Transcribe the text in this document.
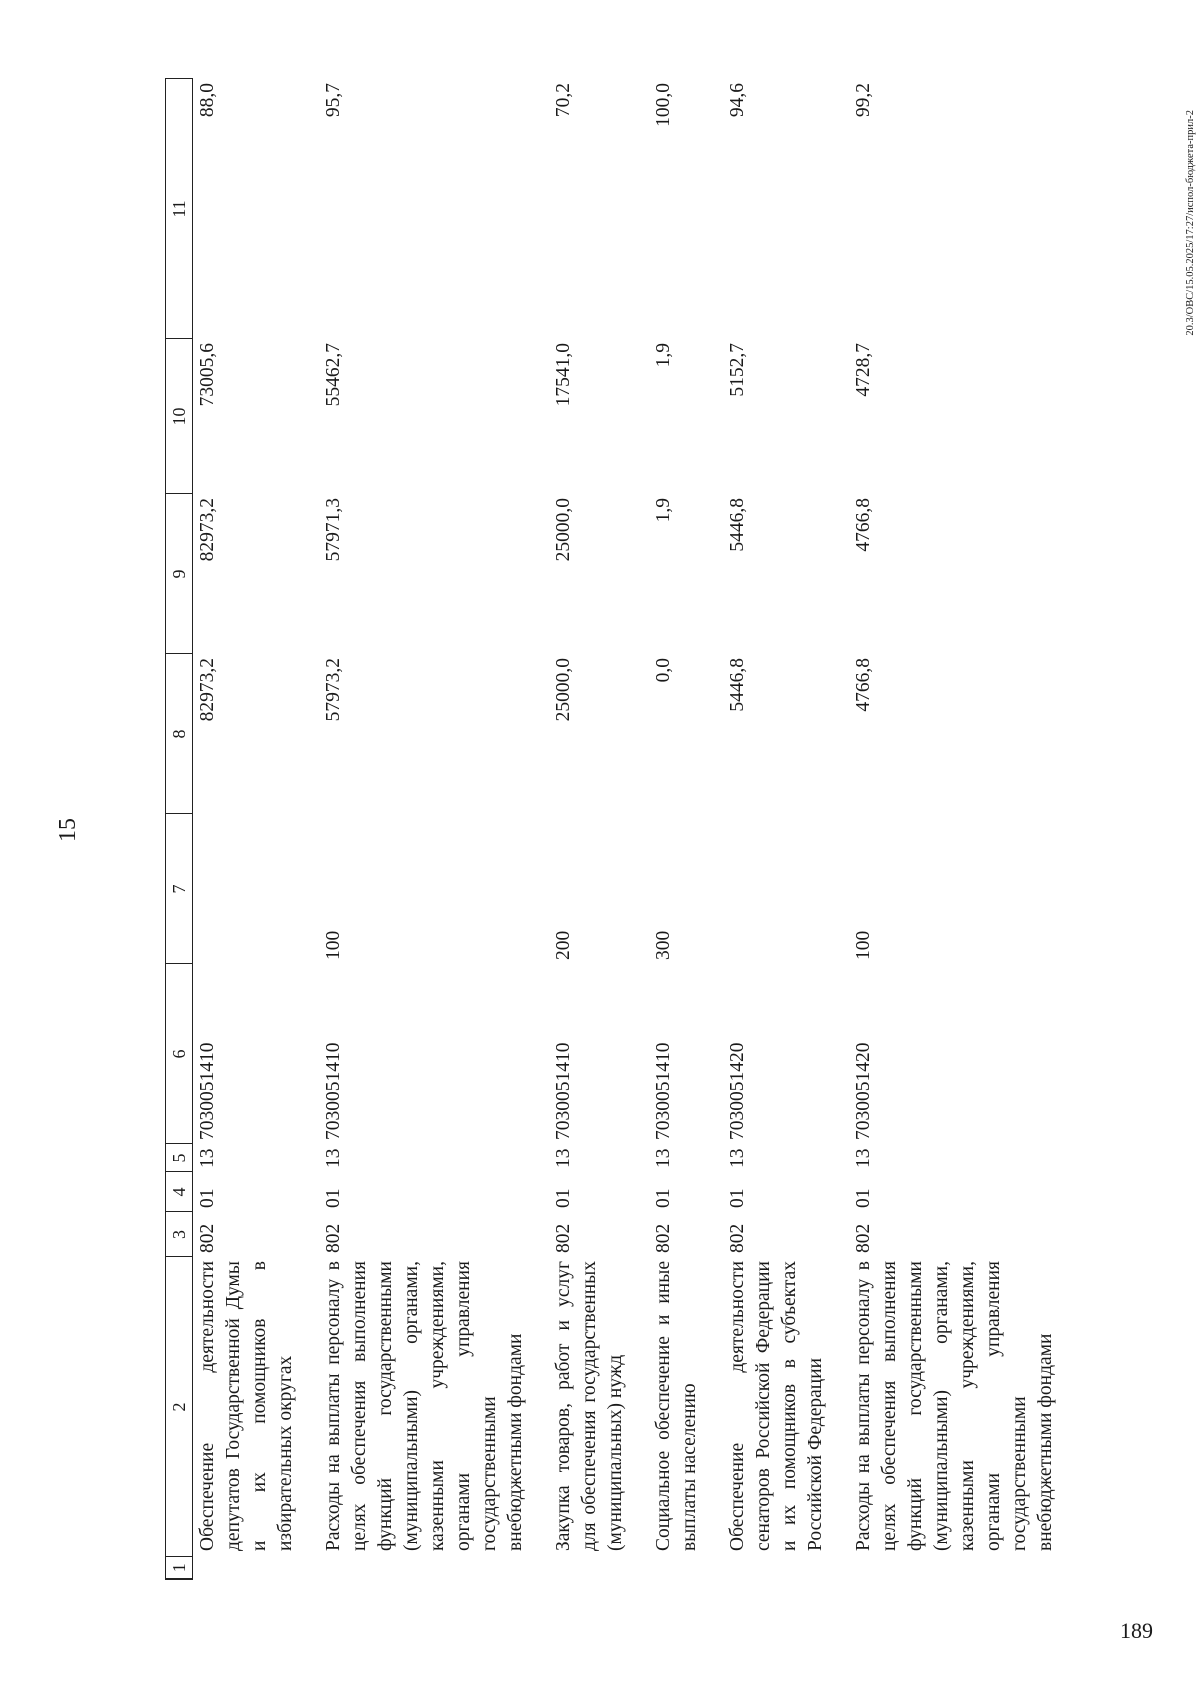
15
1	2	3	4	5	6	7	8	9	10	11
	Обеспечение деятельности депутатов Государственной Думы и их помощников в избирательных округах	802	01	13	7030051410		82973,2	82973,2	73005,6	88,0
	Расходы на выплаты персоналу в целях обеспечения выполнения функций государственными (муниципальными) органами, казенными учреждениями, органами управления государственными внебюджетными фондами	802	01	13	7030051410	100	57973,2	57971,3	55462,7	95,7
	Закупка товаров, работ и услуг для обеспечения государственных (муниципальных) нужд	802	01	13	7030051410	200	25000,0	25000,0	17541,0	70,2
	Социальное обеспечение и иные выплаты населению	802	01	13	7030051410	300	0,0	1,9	1,9	100,0
	Обеспечение деятельности сенаторов Российской Федерации и их помощников в субъектах Российской Федерации	802	01	13	7030051420		5446,8	5446,8	5152,7	94,6
	Расходы на выплаты персоналу в целях обеспечения выполнения функций государственными (муниципальными) органами, казенными учреждениями, органами управления государственными внебюджетными фондами	802	01	13	7030051420	100	4766,8	4766,8	4728,7	99,2
20.3/OBC/15.05.2025/17:27/испол-бюджета-прил-2
189
